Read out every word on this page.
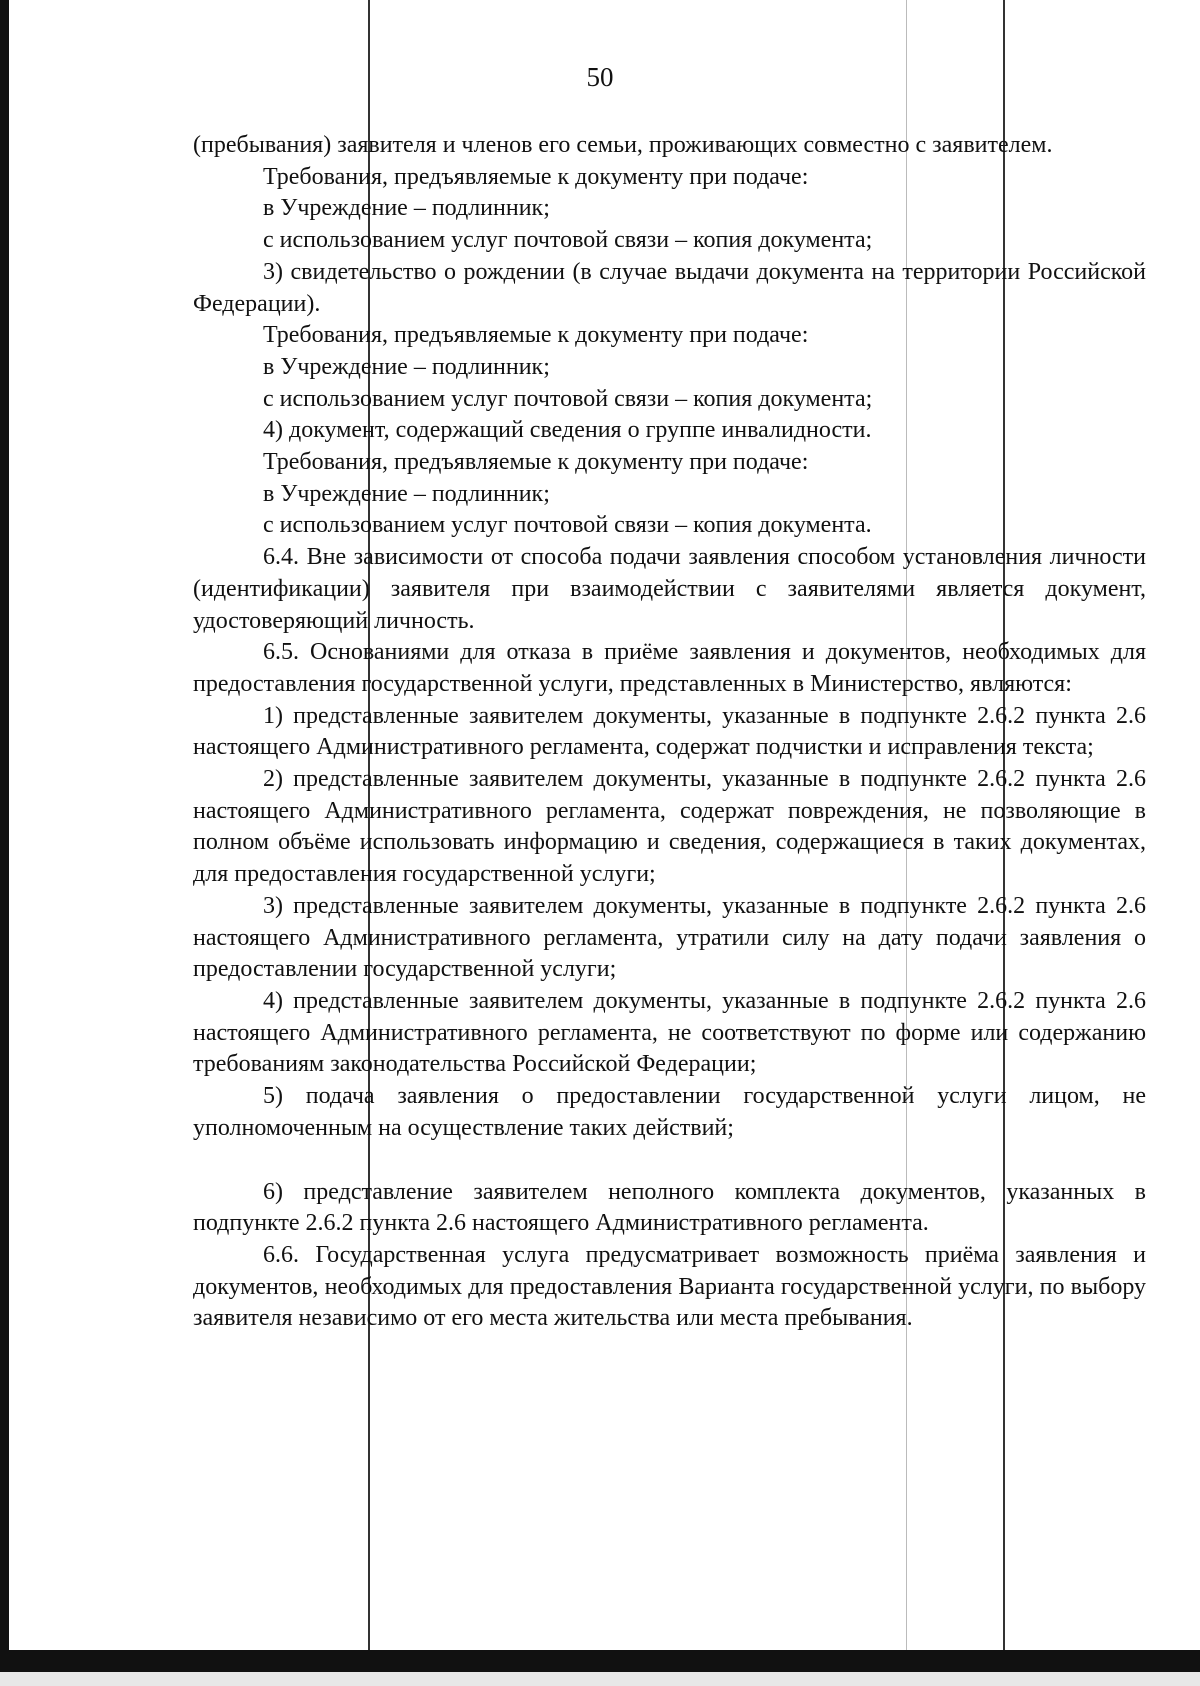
50

(пребывания) заявителя и членов его семьи, проживающих совместно с заявителем.

Требования, предъявляемые к документу при подаче:

в Учреждение – подлинник;

с использованием услуг почтовой связи – копия документа;

3) свидетельство о рождении (в случае выдачи документа на территории Российской Федерации).

Требования, предъявляемые к документу при подаче:

в Учреждение – подлинник;

с использованием услуг почтовой связи – копия документа;

4) документ, содержащий сведения о группе инвалидности.

Требования, предъявляемые к документу при подаче:

в Учреждение – подлинник;

с использованием услуг почтовой связи – копия документа.

6.4. Вне зависимости от способа подачи заявления способом установления личности (идентификации) заявителя при взаимодействии с заявителями является документ, удостоверяющий личность.

6.5. Основаниями для отказа в приёме заявления и документов, необходимых для предоставления государственной услуги, представленных в Министерство, являются:

1) представленные заявителем документы, указанные в подпункте 2.6.2 пункта 2.6 настоящего Административного регламента, содержат подчистки и исправления текста;

2) представленные заявителем документы, указанные в подпункте 2.6.2 пункта 2.6 настоящего Административного регламента, содержат повреждения, не позволяющие в полном объёме использовать информацию и сведения, содержащиеся в таких документах, для предоставления государственной услуги;

3) представленные заявителем документы, указанные в подпункте 2.6.2 пункта 2.6 настоящего Административного регламента, утратили силу на дату подачи заявления о предоставлении государственной услуги;

4) представленные заявителем документы, указанные в подпункте 2.6.2 пункта 2.6 настоящего Административного регламента, не соответствуют по форме или содержанию требованиям законодательства Российской Федерации;

5) подача заявления о предоставлении государственной услуги лицом, не уполномоченным на осуществление таких действий;

6) представление заявителем неполного комплекта документов, указанных в подпункте 2.6.2 пункта 2.6 настоящего Административного регламента.

6.6. Государственная услуга предусматривает возможность приёма заявления и документов, необходимых для предоставления Варианта государственной услуги, по выбору заявителя независимо от его места жительства или места пребывания.
